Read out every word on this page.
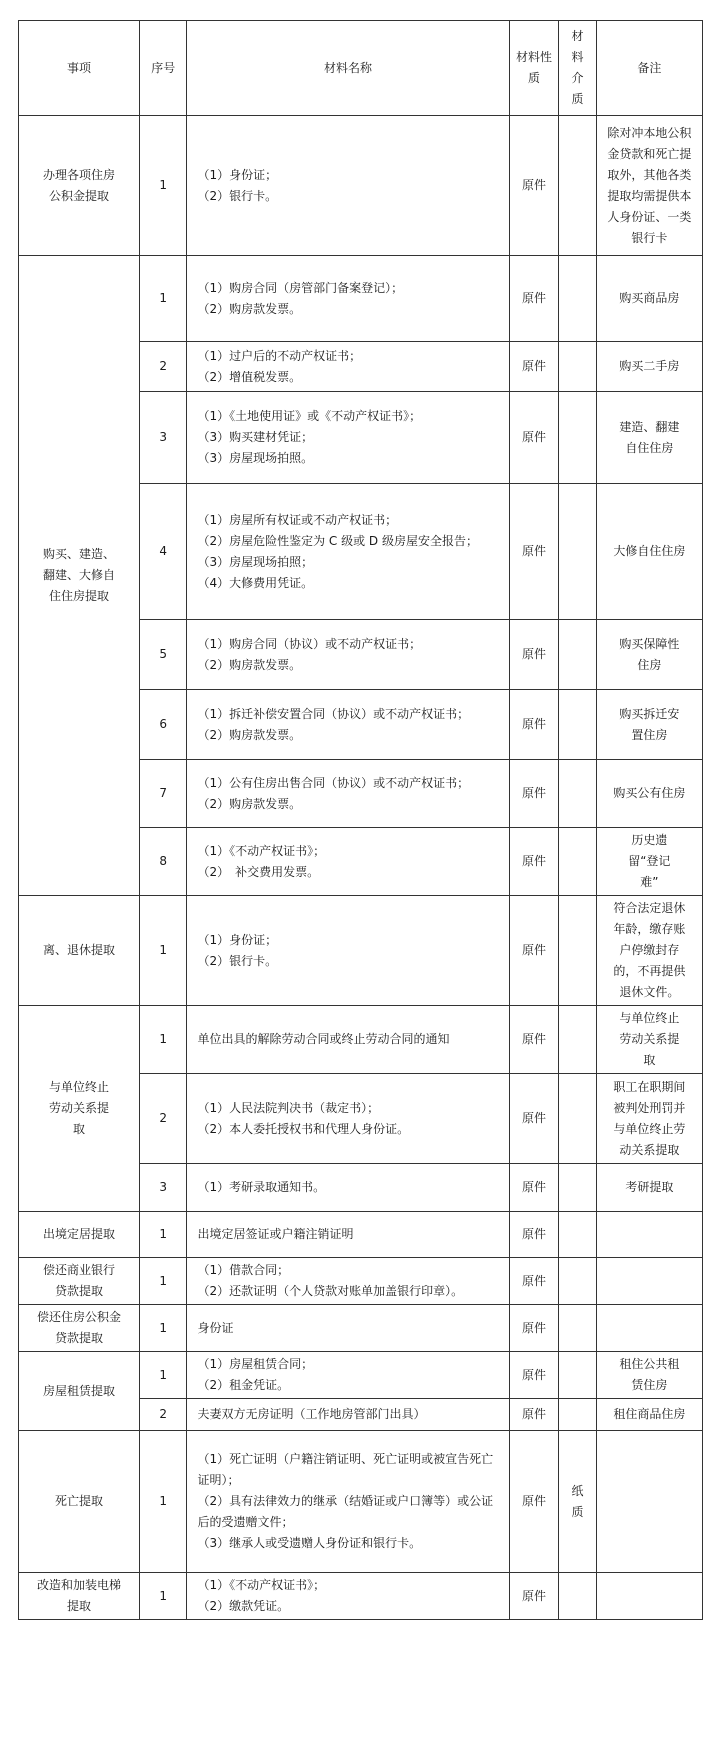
事项	序号	材料名称	材料性质	材料介质	备注

办理各项住房公积金提取	1	（1）身份证；
（2）银行卡。	原件		除对冲本地公积金贷款和死亡提取外，其他各类提取均需提供本人身份证、一类银行卡

购买、建造、翻建、大修自住住房提取	1	（1）购房合同（房管部门备案登记）；
（2）购房款发票。	原件		购买商品房

	2	（1）过户后的不动产权证书；
（2）增值税发票。	原件		购买二手房

	3	（1）《土地使用证》或《不动产权证书》；
（3）购买建材凭证；
（3）房屋现场拍照。	原件		建造、翻建自住住房

	4	（1）房屋所有权证或不动产权证书；
（2）房屋危险性鉴定为 C 级或 D 级房屋安全报告；
（3）房屋现场拍照；
（4）大修费用凭证。	原件		大修自住住房

	5	（1）购房合同（协议）或不动产权证书；
（2）购房款发票。	原件		购买保障性住房

	6	（1）拆迁补偿安置合同（协议）或不动产权证书；
（2）购房款发票。	原件		购买拆迁安置住房

	7	（1）公有住房出售合同（协议）或不动产权证书；
（2）购房款发票。	原件		购买公有住房

	8	（1）《不动产权证书》；
（2）　补交费用发票。	原件		历史遗留“登记难”

离、退休提取	1	（1）身份证；
（2）银行卡。	原件		符合法定退休年龄，缴存账户停缴封存的，不再提供退休文件。

与单位终止劳动关系提取	1	单位出具的解除劳动合同或终止劳动合同的通知	原件		与单位终止劳动关系提取

	2	（1）人民法院判决书（裁定书）；
（2）本人委托授权书和代理人身份证。	原件		职工在职期间被判处刑罚并与单位终止劳动关系提取

	3	（1）考研录取通知书。	原件		考研提取

出境定居提取	1	出境定居签证或户籍注销证明	原件	

偿还商业银行贷款提取	1	（1）借款合同；
（2）还款证明（个人贷款对账单加盖银行印章）。	原件	

偿还住房公积金贷款提取	1	身份证	原件	

房屋租赁提取	1	（1）房屋租赁合同；
（2）租金凭证。	原件		租住公共租赁住房

	2	夫妻双方无房证明（工作地房管部门出具）	原件		租住商品住房

死亡提取	1	（1）死亡证明（户籍注销证明、死亡证明或被宣告死亡证明）；
（2）具有法律效力的继承（结婚证或户口簿等）或公证后的受遗赠文件；
（3）继承人或受遗赠人身份证和银行卡。	原件	纸质	

改造和加装电梯提取	1	（1）《不动产权证书》；
（2）缴款凭证。	原件	
